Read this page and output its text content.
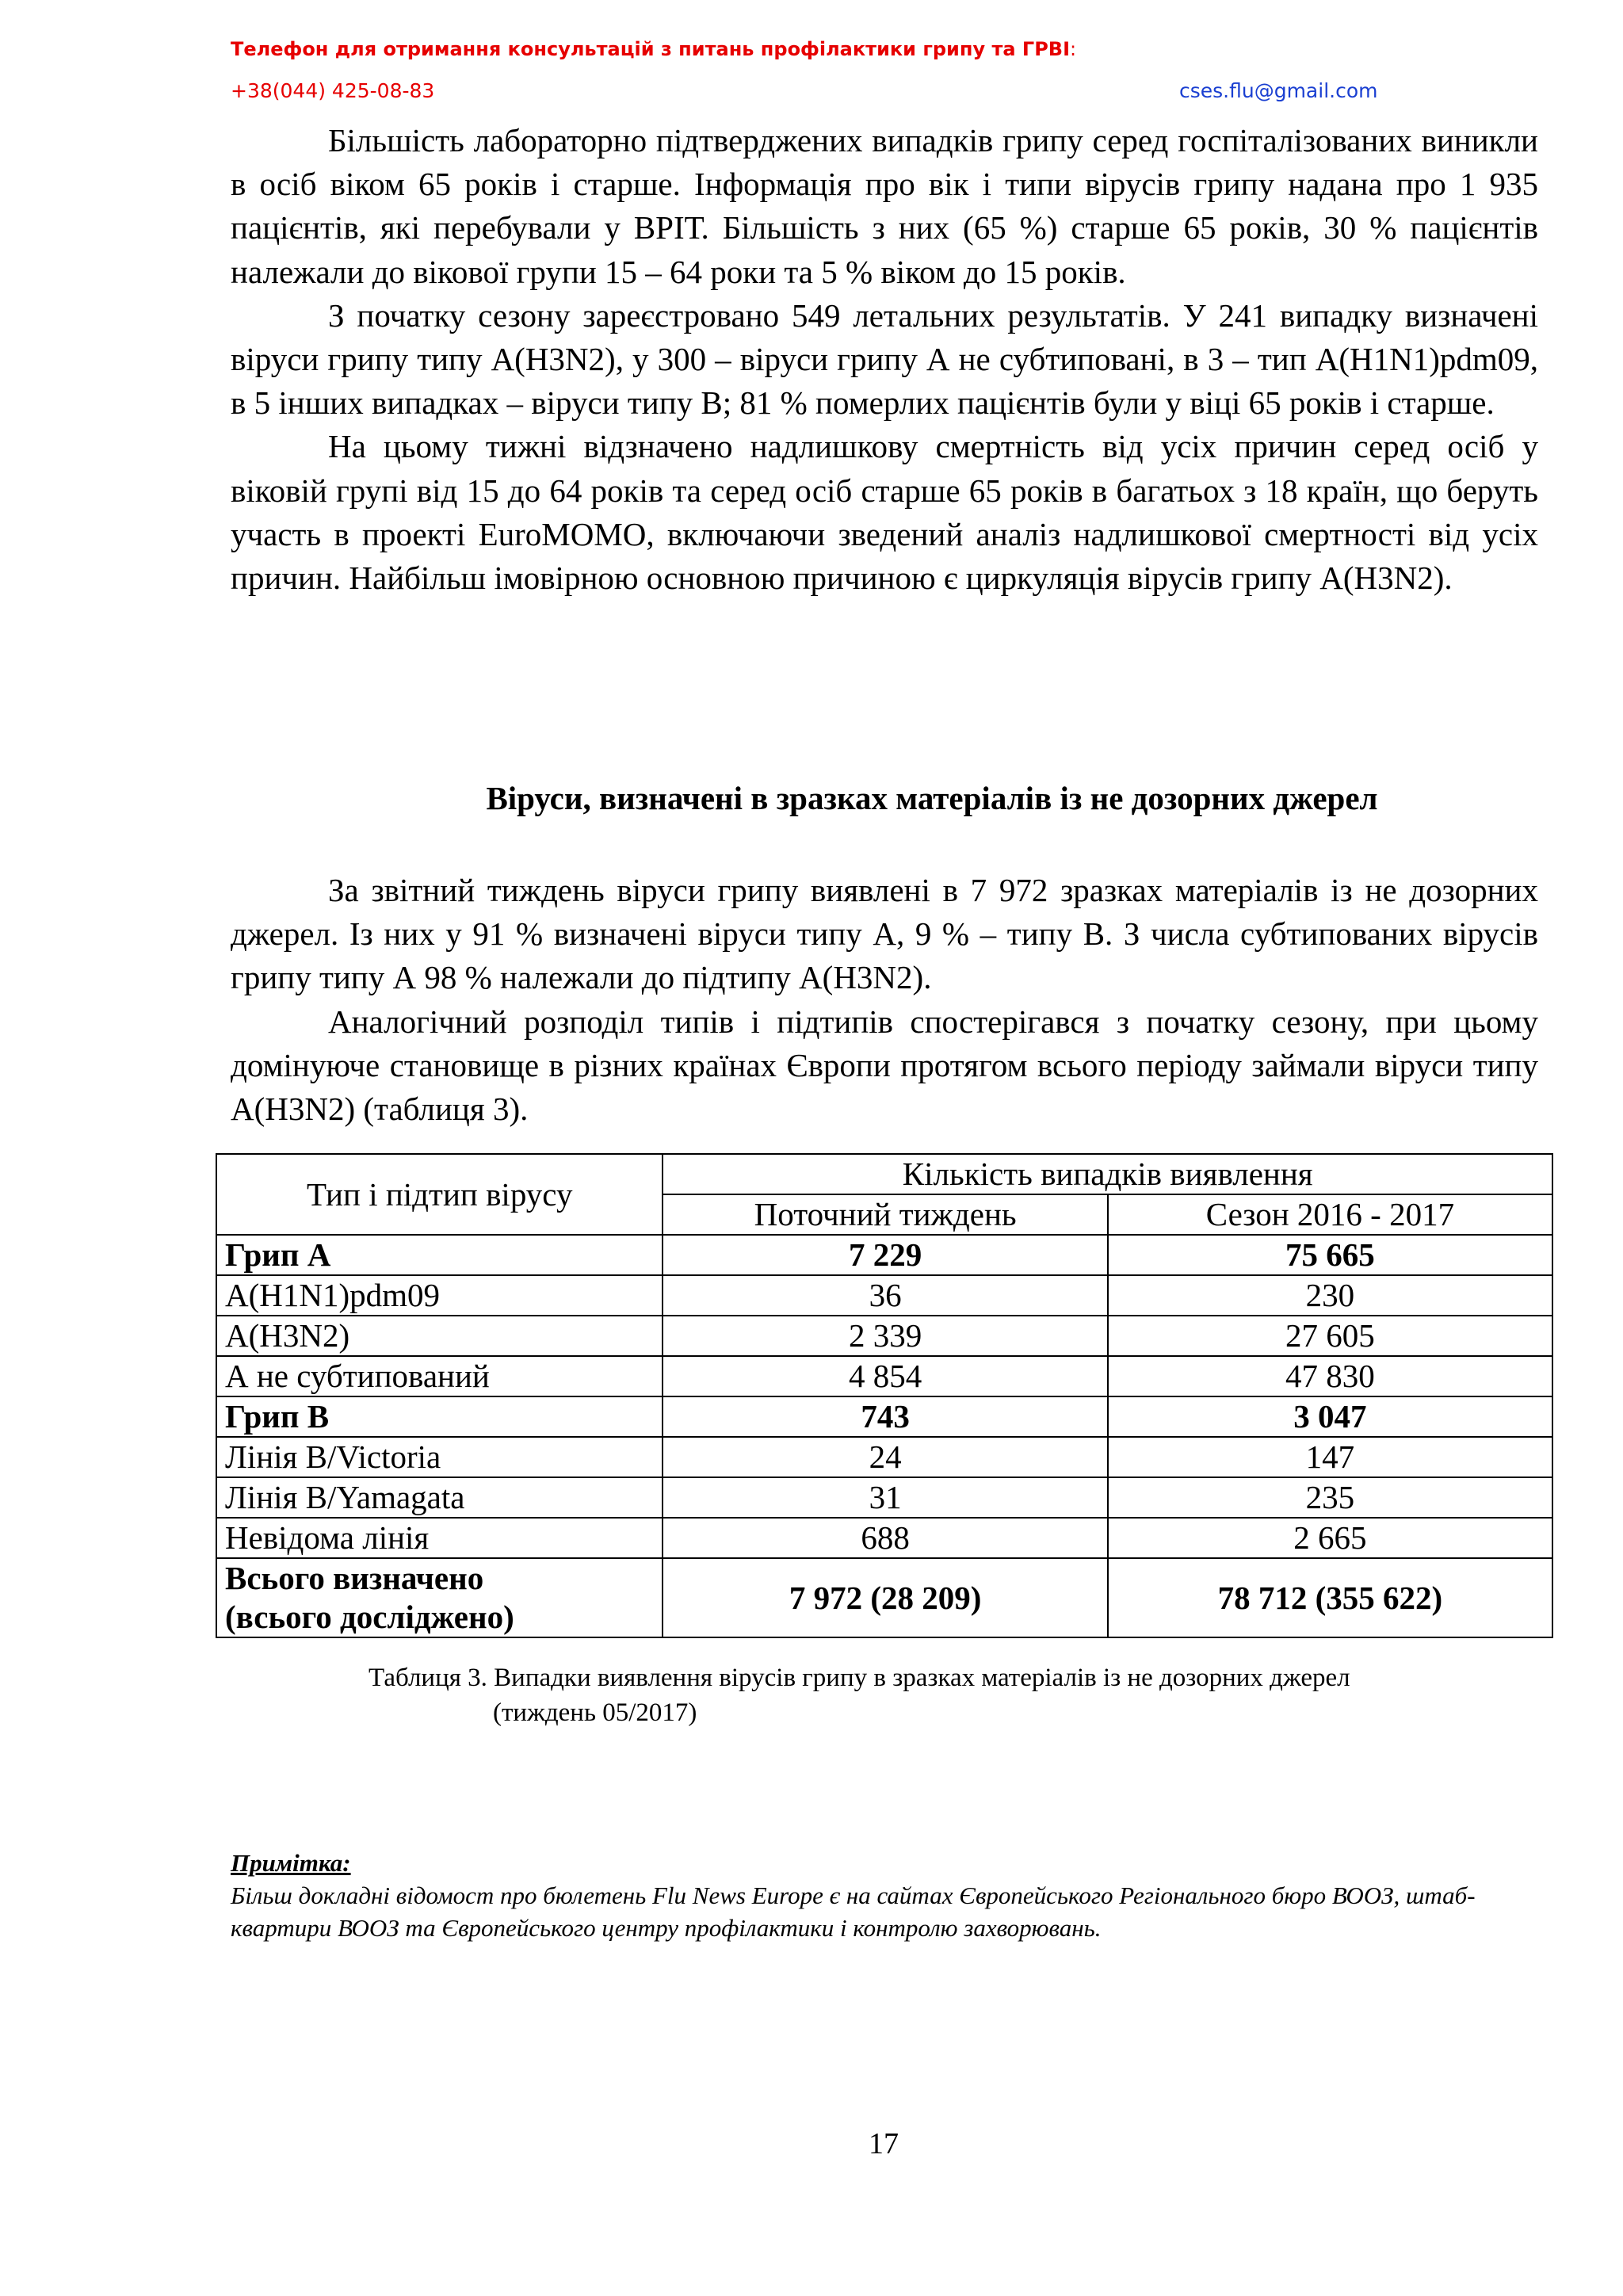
Телефон для отримання консультацій з питань профілактики грипу та ГРВІ:
+38(044) 425-08-83	cses.flu@gmail.com

Більшість лабораторно підтверджених випадків грипу серед госпіталізованих виникли в осіб віком 65 років і старше. Інформація про вік і типи вірусів грипу надана про 1 935 пацієнтів, які перебували у ВРІТ. Більшість з них (65 %) старше 65 років, 30 % пацієнтів належали до вікової групи 15 – 64 роки та 5 % віком до 15 років.

З початку сезону зареєстровано 549 летальних результатів. У 241 випадку визначені віруси грипу типу А(H3N2), у 300 – віруси грипу А не субтиповані, в 3 – тип A(H1N1)pdm09, в 5 інших випадках – віруси типу В; 81 % померлих пацієнтів були у віці 65 років і старше.

На цьому тижні відзначено надлишкову смертність від усіх причин серед осіб у віковій групі від 15 до 64 років та серед осіб старше 65 років в багатьох з 18 країн, що беруть участь в проекті EuroMOMO, включаючи зведений аналіз надлишкової смертності від усіх причин. Найбільш імовірною основною причиною є циркуляція вірусів грипу А(H3N2).

Віруси, визначені в зразках матеріалів із не дозорних джерел

За звітний тиждень віруси грипу виявлені в 7 972 зразках матеріалів із не дозорних джерел. Із них у 91 % визначені віруси типу А, 9 % – типу В. З числа субтипованих вірусів грипу типу А 98 % належали до підтипу А(H3N2).

Аналогічний розподіл типів і підтипів спостерігався з початку сезону, при цьому домінуюче становище в різних країнах Європи протягом всього періоду займали віруси типу А(H3N2) (таблиця 3).

Тип і підтип вірусу	Кількість випадків виявлення	
	Поточний тиждень	Сезон 2016 - 2017
Грип А	7 229	75 665
А(H1N1)pdm09	36	230
А(H3N2)	2 339	27 605
А не субтипований	4 854	47 830
Грип В	743	3 047
Лінія B/Victoria	24	147
Лінія B/Yamagata	31	235
Невідома лінія	688	2 665
Всього визначено
(всього досліджено)	7 972 (28 209)	78 712 (355 622)
Таблиця 3. Випадки виявлення вірусів грипу в зразках матеріалів із не дозорних джерел
(тиждень 05/2017)
Примітка:
Більш докладні відомост про бюлетень Flu News Europe є на сайтах Європейського Регіонального бюро ВООЗ, штаб-квартири ВООЗ та Європейського центру профілактики і контролю захворювань.
17
